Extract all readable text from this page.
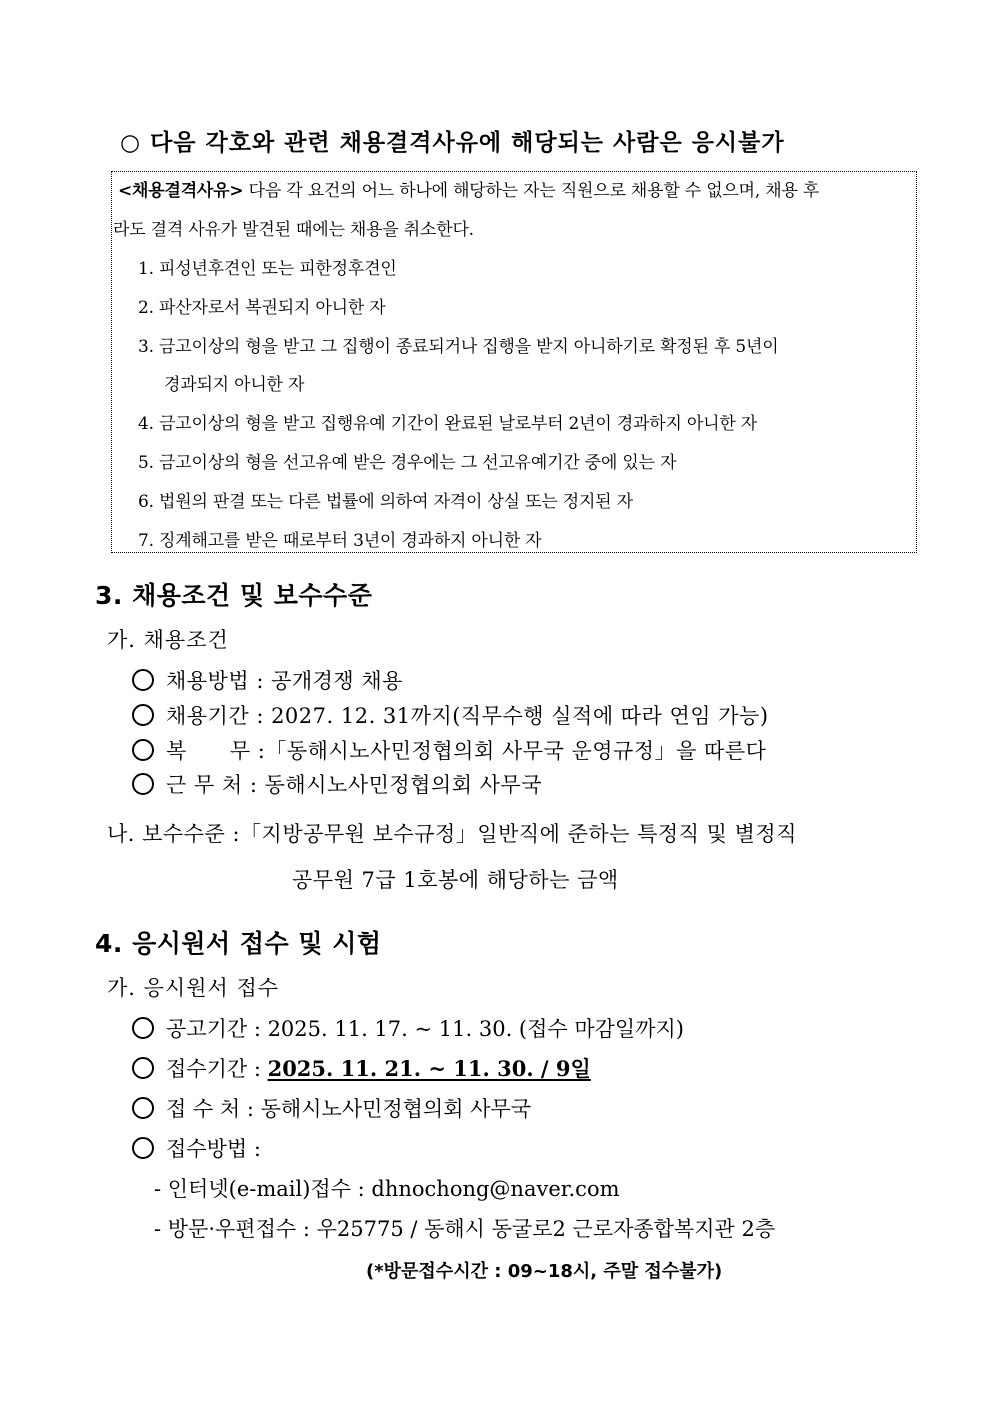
○ 다음 각호와 관련 채용결격사유에 해당되는 사람은 응시불가
<채용결격사유> 다음 각 요건의 어느 하나에 해당하는 자는 직원으로 채용할 수 없으며, 채용 후
라도 결격 사유가 발견된 때에는 채용을 취소한다.
1. 피성년후견인 또는 피한정후견인
2. 파산자로서 복권되지 아니한 자
3. 금고이상의 형을 받고 그 집행이 종료되거나 집행을 받지 아니하기로 확정된 후 5년이
경과되지 아니한 자
4. 금고이상의 형을 받고 집행유예 기간이 완료된 날로부터 2년이 경과하지 아니한 자
5. 금고이상의 형을 선고유예 받은 경우에는 그 선고유예기간 중에 있는 자
6. 법원의 판결 또는 다른 법률에 의하여 자격이 상실 또는 정지된 자
7. 징계해고를 받은 때로부터 3년이 경과하지 아니한 자
3. 채용조건 및 보수수준
가. 채용조건
채용방법 : 공개경쟁 채용
채용기간 : 2027. 12. 31까지(직무수행 실적에 따라 연임 가능)
복      무 :「동해시노사민정협의회 사무국 운영규정」을 따른다
근 무 처 : 동해시노사민정협의회 사무국
나. 보수수준 :「지방공무원 보수규정」일반직에 준하는 특정직 및 별정직
공무원 7급 1호봉에 해당하는 금액
4. 응시원서 접수 및 시험
가. 응시원서 접수
공고기간 : 2025. 11. 17. ~ 11. 30. (접수 마감일까지)
접수기간 : 2025. 11. 21. ~ 11. 30. / 9일
접 수 처 : 동해시노사민정협의회 사무국
접수방법 :
- 인터넷(e-mail)접수 : dhnochong@naver.com
- 방문·우편접수 : 우25775 / 동해시 동굴로2 근로자종합복지관 2층
(*방문접수시간 : 09~18시, 주말 접수불가)
